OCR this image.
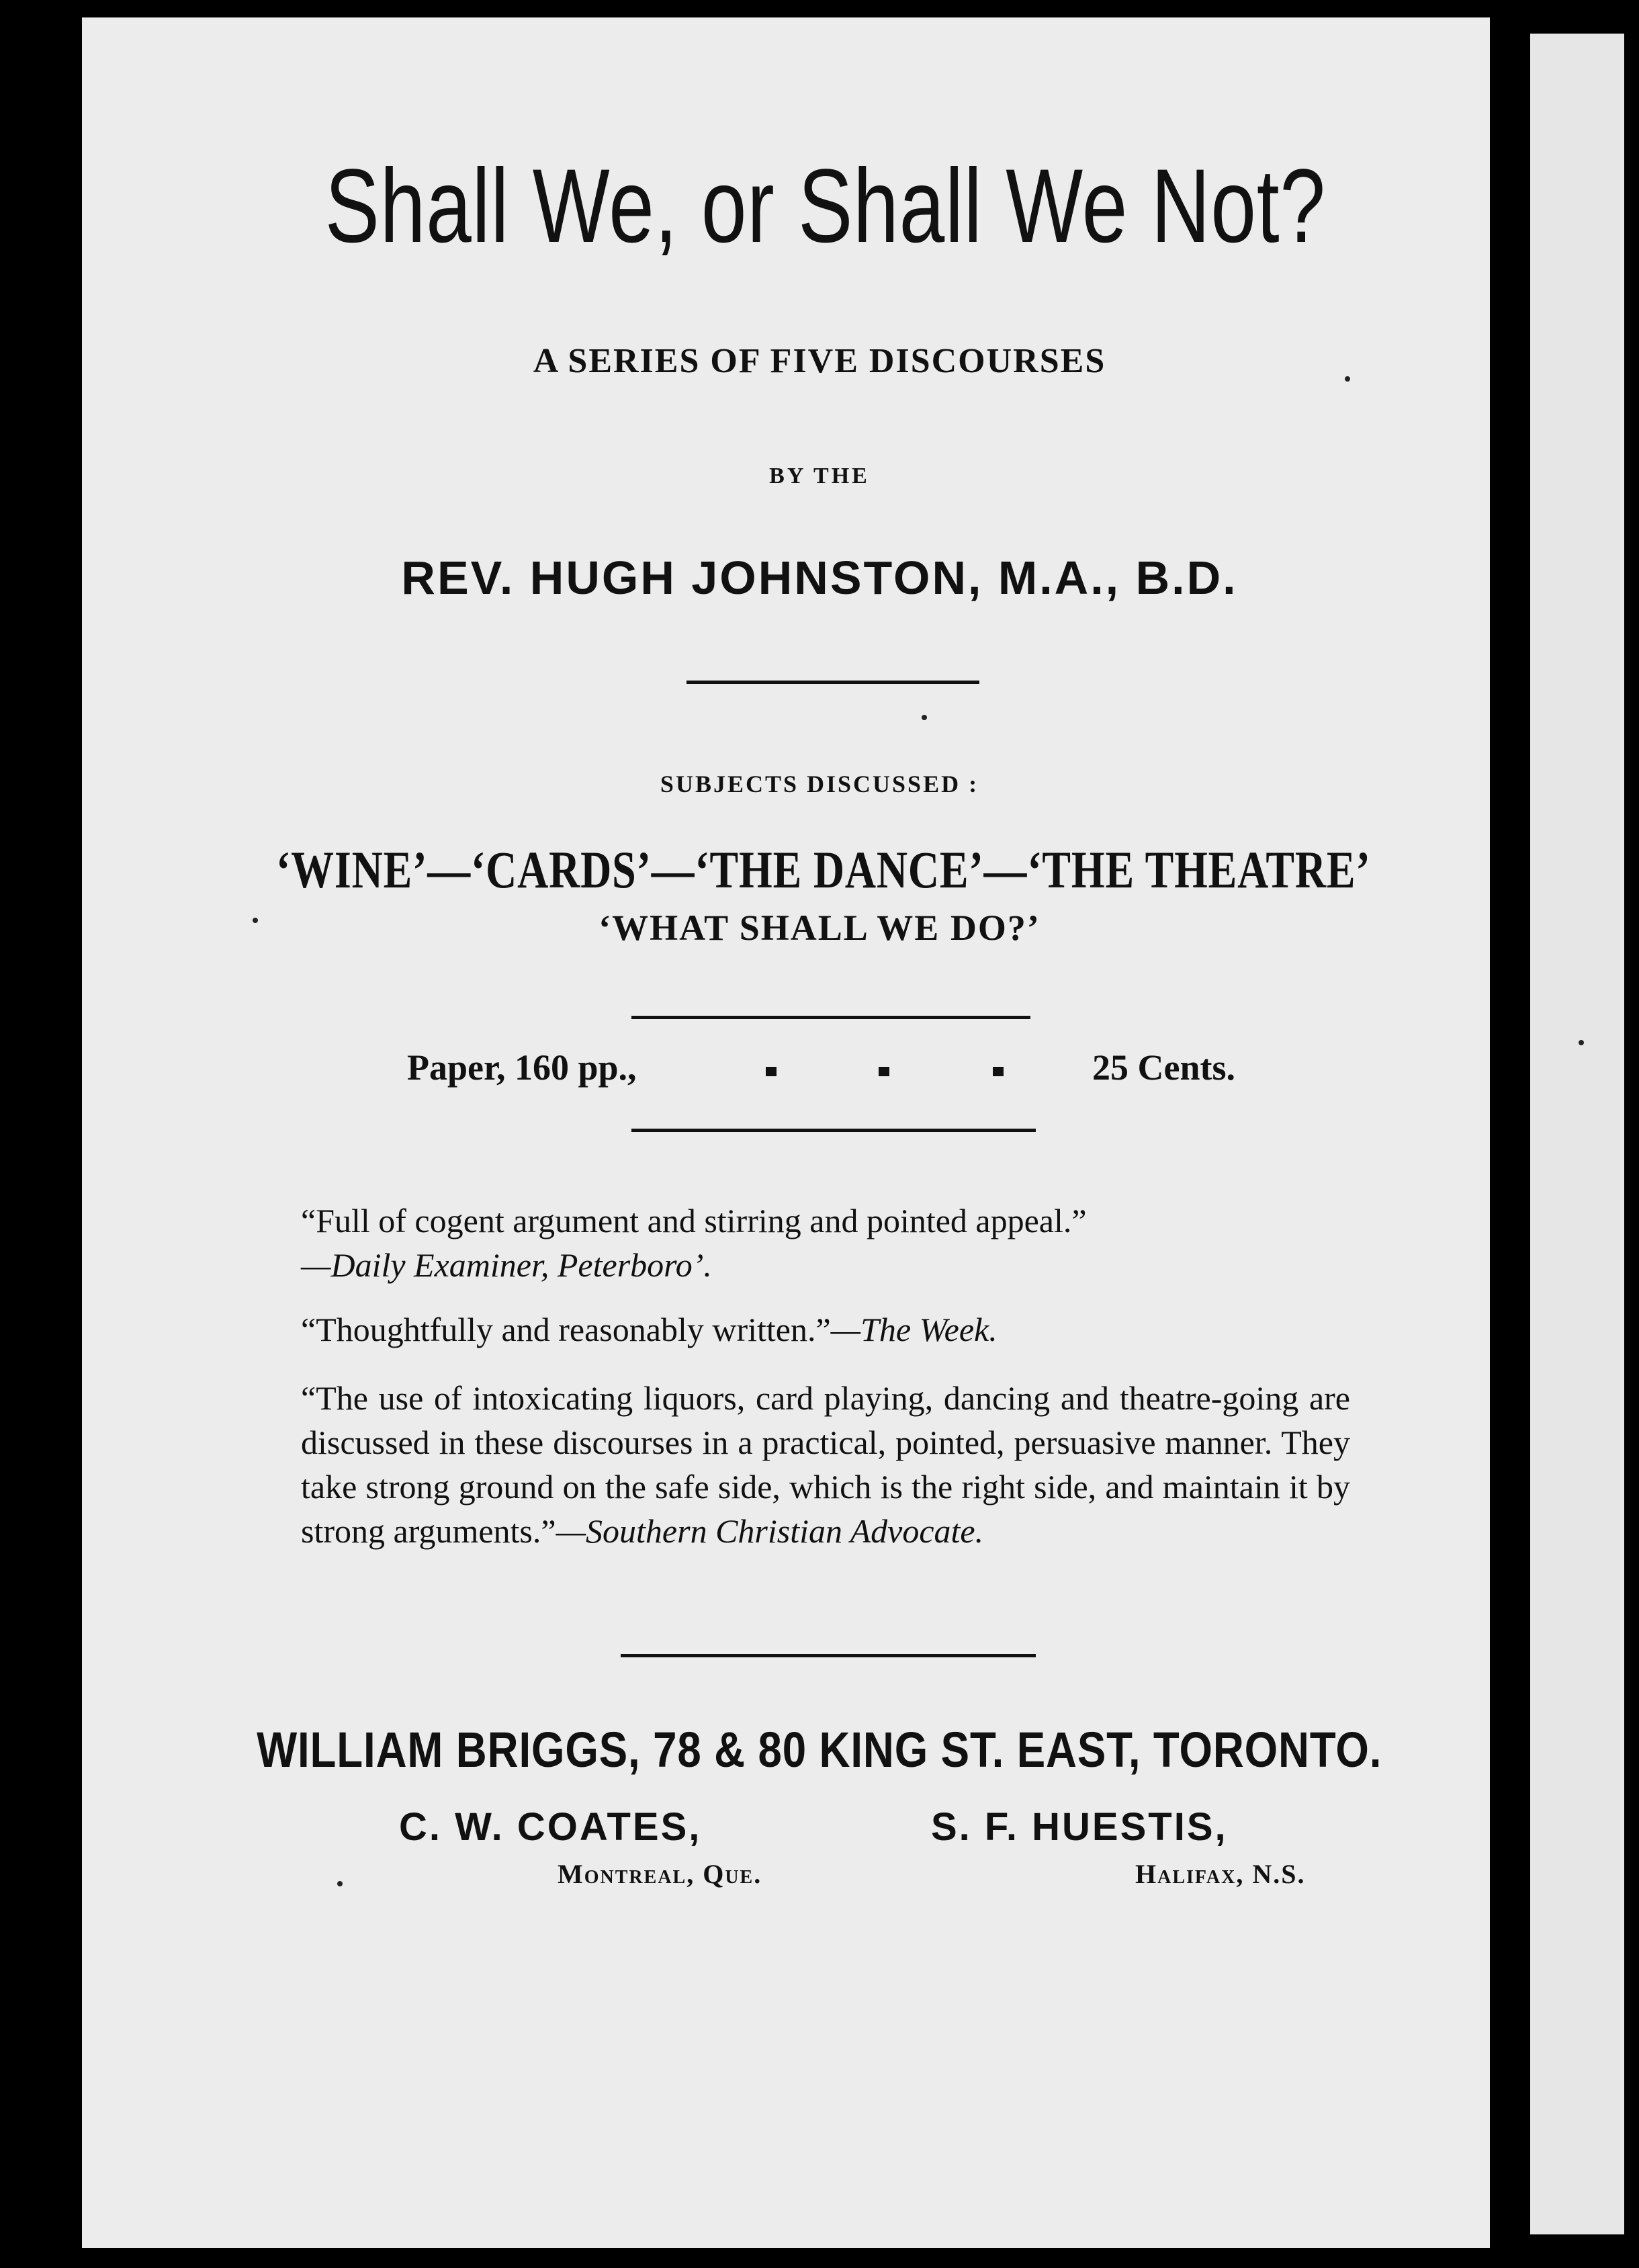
Shall We, or Shall We Not?

A SERIES OF FIVE DISCOURSES

BY THE

REV. HUGH JOHNSTON, M.A., B.D.

SUBJECTS DISCUSSED :

‘WINE’—‘CARDS’—‘THE DANCE’—‘THE THEATRE’

‘WHAT SHALL WE DO?’

Paper, 160 pp.,	25 Cents.

“Full of cogent argument and stirring and pointed appeal.”

—Daily Examiner, Peterboro’.

“Thoughtfully and reasonably written.”—The Week.

“The use of intoxicating liquors, card playing, dancing and theatre-going are discussed in these discourses in a practical, pointed, persuasive manner. They take strong ground on the safe side, which is the right side, and maintain it by strong arguments.”—Southern Christian Advocate.

WILLIAM BRIGGS, 78 & 80 KING ST. EAST, TORONTO.

C. W. COATES,
Montreal, Que.
S. F. HUESTIS,
Halifax, N.S.
